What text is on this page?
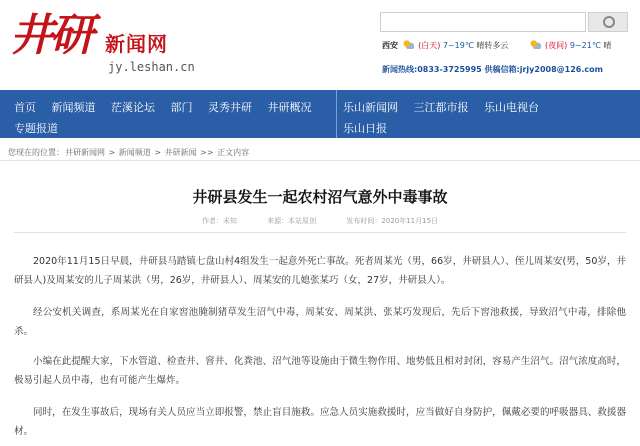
井研 新闻网
jy.leshan.cn
西安	(白天) 7~19℃ 晴转多云	(夜间) 9~21℃ 晴
新闻热线:0833-3725995 供稿信箱:jrjy2008@126.com
首页 新闻频道 茫溪论坛 部门 灵秀井研 井研概况
专题报道
乐山新闻网 三江都市报 乐山电视台
乐山日报
您现在的位置：井研新闻网 > 新闻频道 > 井研新闻 >> 正文内容
井研县发生一起农村沼气意外中毒事故
作者：未知	来源：本站原创	发布时间：2020年11月15日

2020年11月15日早晨，井研县马踏镇七盘山村4组发生一起意外死亡事故。死者周某光（男，66岁，井研县人）、侄儿周某安(男，50岁，井研县人)及周某安的儿子周某洪（男，26岁，井研县人）、周某安的儿媳张某巧（女，27岁，井研县人）。

经公安机关调查，系周某光在自家窖池腌制猪草发生沼气中毒，周某安、周某洪、张某巧发现后，先后下窖池救援，导致沼气中毒，排除他杀。

小编在此提醒大家，下水管道、检查井、窨井、化粪池、沼气池等设施由于微生物作用、地势低且相对封闭，容易产生沼气。沼气浓度高时，极易引起人员中毒，也有可能产生爆炸。

同时，在发生事故后，现场有关人员应当立即报警，禁止盲目施救。应急人员实施救援时，应当做好自身防护，佩戴必要的呼吸器具、救援器材。
